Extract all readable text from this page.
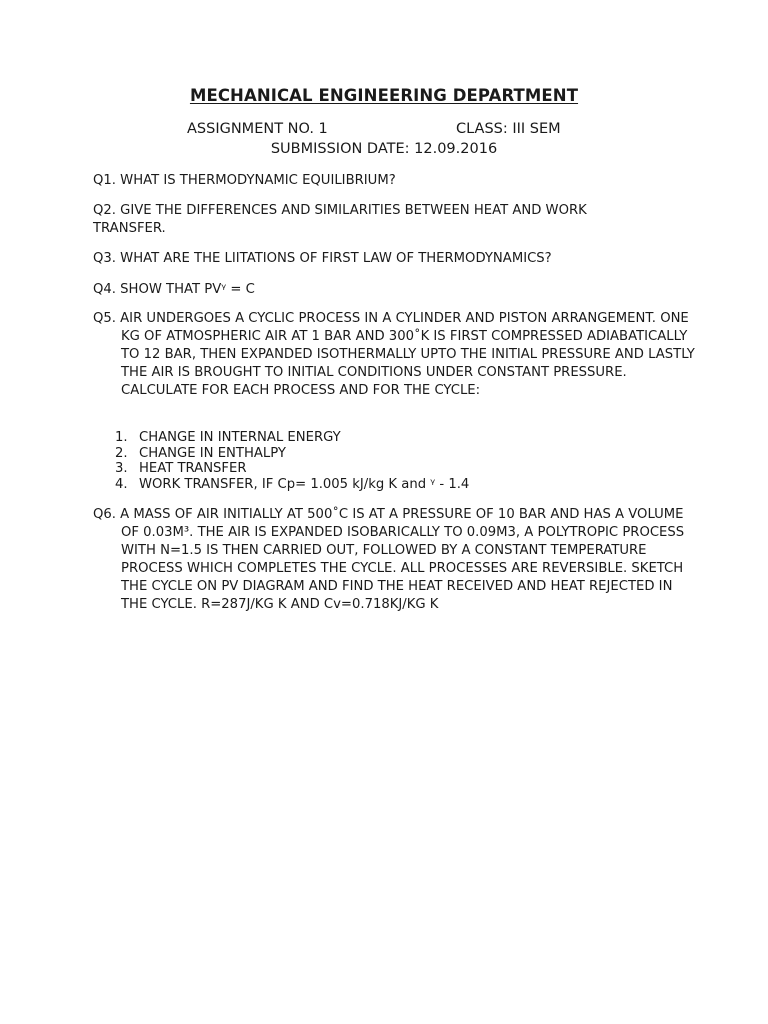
MECHANICAL ENGINEERING DEPARTMENT
ASSIGNMENT NO. 1	CLASS: III SEM
SUBMISSION DATE: 12.09.2016
Q1. WHAT IS THERMODYNAMIC EQUILIBRIUM?
Q2. GIVE THE DIFFERENCES AND SIMILARITIES BETWEEN HEAT AND WORK TRANSFER.
Q3. WHAT ARE THE LIITATIONS OF FIRST LAW OF THERMODYNAMICS?
Q4. SHOW THAT PVᵞ = C
Q5. AIR UNDERGOES A CYCLIC PROCESS IN A CYLINDER AND PISTON ARRANGEMENT. ONE KG OF ATMOSPHERIC AIR AT 1 BAR AND 300˚K IS FIRST COMPRESSED ADIABATICALLY TO 12 BAR, THEN EXPANDED ISOTHERMALLY UPTO THE INITIAL PRESSURE AND LASTLY THE AIR IS BROUGHT TO INITIAL CONDITIONS UNDER CONSTANT PRESSURE. CALCULATE FOR EACH PROCESS AND FOR THE CYCLE:
1. CHANGE IN INTERNAL ENERGY
2. CHANGE IN ENTHALPY
3. HEAT TRANSFER
4. WORK TRANSFER, IF Cp= 1.005 kJ/kg K and ᵞ - 1.4
Q6. A MASS OF AIR INITIALLY AT 500˚C IS AT A PRESSURE OF 10 BAR AND HAS A VOLUME OF 0.03M³. THE AIR IS EXPANDED ISOBARICALLY TO 0.09M3, A POLYTROPIC PROCESS WITH N=1.5 IS THEN CARRIED OUT, FOLLOWED BY A CONSTANT TEMPERATURE PROCESS WHICH COMPLETES THE CYCLE. ALL PROCESSES ARE REVERSIBLE. SKETCH THE CYCLE ON PV DIAGRAM AND FIND THE HEAT RECEIVED AND HEAT REJECTED IN THE CYCLE. R=287J/KG K AND Cv=0.718KJ/KG K
